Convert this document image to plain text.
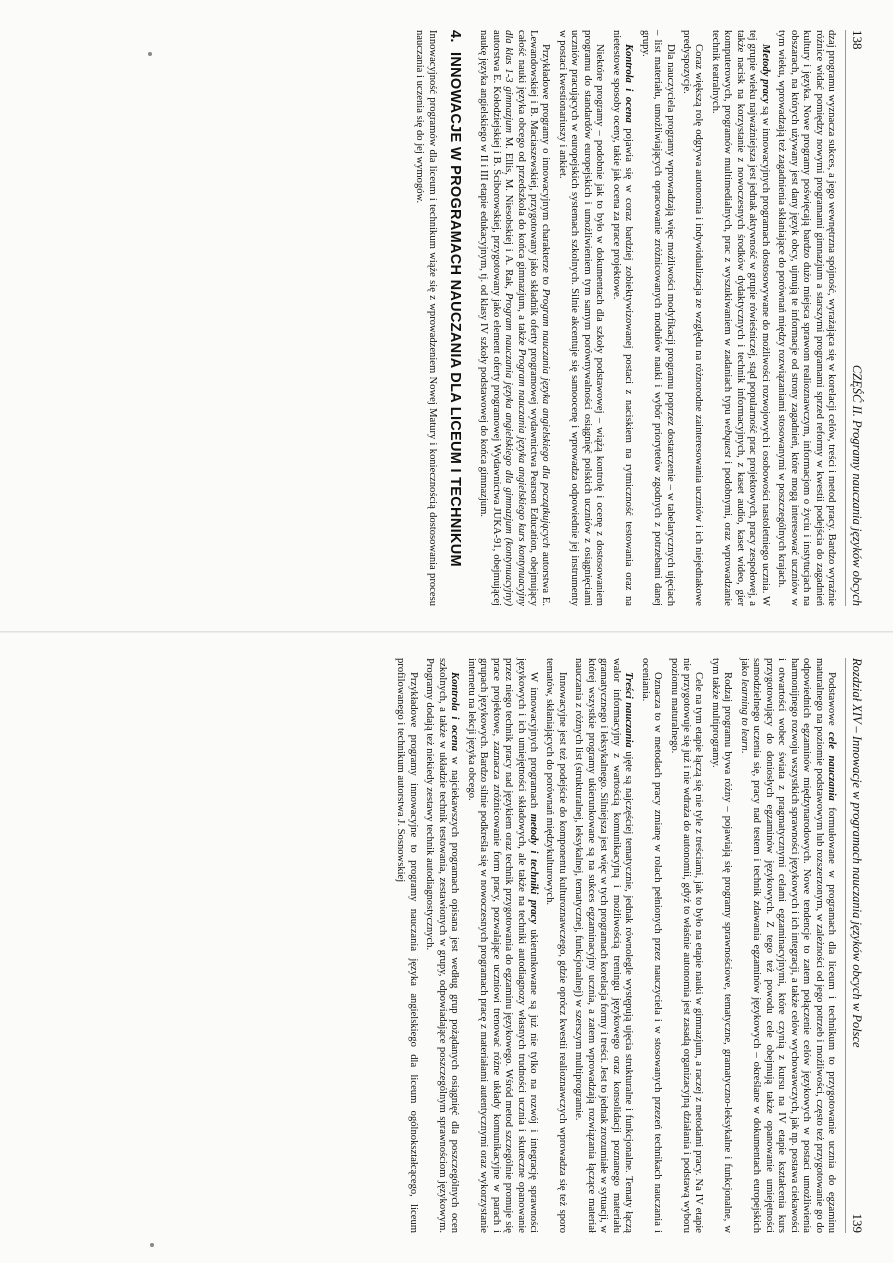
138
CZĘŚĆ II. Programy nauczania języków obcych

dzaj programu wyznacza sukces, a jego wewnętrzna spójność, wyrażająca się w korelacji celów, treści i metod pracy. Bardzo wyraźnie różnice widać pomiędzy nowymi programami gimnazjum a starszymi programami sprzed reformy w kwestii podejścia do zagadnień kultury i języka. Nowe programy poświęcają bardzo dużo miejsca sprawom realioznawczym, informacjom o życiu i instytucjach na obszarach, na których używany jest dany język obcy, ujmują te informacje od strony zagadnień, które mogą interesować uczniów w tym wieku, wprowadzają też zagadnienia skłaniające do porównań między rozwiązaniami stosowanymi w poszczególnych krajach.

Metody pracy są w innowacyjnych programach dostosowywane do możliwości rozwojowych i osobowości nastoletniego ucznia. W tej grupie wieku najważniejsza jest jednak aktywność w grupie rówieśniczej, stąd popularność prac projektowych, pracy zespołowej, a także nacisk na korzystanie z nowoczesnych środków dydaktycznych i technik informacyjnych, z kaset audio, kaset wideo, gier komputerowych, programów multimedialnych, prac z wyszukiwaniem w zadaniach typu webquest i podobnymi, oraz wprowadzanie technik teatralnych.

Coraz większą rolę odgrywa autonomia i indywidualizacja ze względu na różnorodne zainteresowania uczniów i ich niejednakowe predyspozycje.

Dla nauczyciela programy wprowadzają więc możliwości modyfikacji programu poprzez dostarczenie – w tabelarycznych ujęciach – list materiału, umożliwiających opracowanie zróżnicowanych modułów nauki i wybór priorytetów zgodnych z potrzebami danej grupy.

Kontrola i ocena pojawia się w coraz bardziej zobiektywizowanej postaci z naciskiem na rytmiczność testowania oraz na nietestowe sposoby oceny, takie jak ocena za prace projektowe.

Niektóre programy – podobnie jak to było w dokumentach dla szkoły podstawowej – wiążą kontrolę i ocenę z dostosowaniem programu do standardów europejskich i umożliwieniem tym samym porównywalności osiągnięć polskich uczniów z osiągnięciami uczniów pracujących w europejskich systemach szkolnych. Silnie akcentuje się samoocenę i wprowadza odpowiednie jej instrumenty w postaci kwestionariuszy i ankiet.

Przykładowe programy o innowacyjnym charakterze to Program nauczania języka angielskiego dla początkujących autorstwa E. Lewandowskiej i B. Maciaszewskiej, przygotowany jako składnik oferty programowej wydawnictwa Pearson Education, obejmujący całość nauki języka obcego od przedszkola do końca gimnazjum, a także Program nauczania języka angielskiego kurs kontynuacyjny dla klas 1-3 gimnazjum M. Ellis, M. Niesobskiej i A. Rak, Program nauczania języka angielskiego dla gimnazjum (kontynuacyjny) autorstwa E. Kołodziejskiej i B. Ściborowskiej, przygotowany jako element oferty programowej Wydawnictwa JUKA-91, obejmującej naukę języka angielskiego w II i III etapie edukacyjnym, tj. od klasy IV szkoły podstawowej do końca gimnazjum.

4.INNOWACJE W PROGRAMACH NAUCZANIA DLA LICEUM I TECHNIKUM

Innowacyjność programów dla liceum i technikum wiąże się z wprowadzeniem Nowej Matury i koniecznością dostosowania procesu nauczania i uczenia się do jej wymogów.

Rozdział XIV – Innowacje w programach nauczania języków obcych w Polsce
139

Podstawowe cele nauczania formułowane w programach dla liceum i technikum to przygotowanie ucznia do egzaminu maturalnego na poziomie podstawowym lub rozszerzonym, w zależności od jego potrzeb i możliwości, często też przygotowanie go do odpowiednich egzaminów międzynarodowych. Nowe tendencje to zatem połączenie celów językowych w postaci umożliwienia harmonijnego rozwoju wszystkich sprawności językowych i ich integracji, a także celów wychowawczych, jak np. postawa ciekawości i otwartości wobec świata z pragmatycznymi celami egzaminacyjnymi, które czynią z kursu na IV etapie kształcenia kurs przygotowujący do doniosłych egzaminów językowych. Z tego też powodu cele obejmują także opanowanie umiejętności samodzielnego uczenia się, pracy nad testem i technik zdawania egzaminów językowych – określane w dokumentach europejskich jako learning to learn.

Rodzaj programu bywa różny – pojawiają się programy sprawnościowe, tematyczne, gramatyczno-leksykalne i funkcjonalne, w tym także multiprogramy.

Cele na tym etapie łączą się nie tyle z treściami, jak to było na etapie nauki w gimnazjum, a raczej z metodami pracy. Na IV etapie nie przygotowuje się już i nie wdraża do autonomii, gdyż to właśnie autonomia jest zasadą organizacyjną działania i podstawą wyboru poziomu maturalnego.

Oznacza to w metodach pracy zmianę w rolach pełnionych przez nauczyciela i w stosowanych przezeń technikach nauczania i oceniania.

Treści nauczania ujęte są najczęściej tematycznie, jednak równolegle występują ujęcia strukturalne i funkcjonalne. Tematy łączą walor informacyjny z wartością komunikacyjną i możliwością treningu językowego oraz konsolidacji poznanego materiału gramatycznego i leksykalnego. Silniejsza jest więc w tych programach korelacja formy i treści. Jest to jednak zrozumiałe w sytuacji, w której wszystkie programy ukierunkowane są na sukces egzaminacyjny ucznia, a zatem wprowadzają rozwiązania łączące materiał nauczania z różnych list (strukturalnej, leksykalnej, tematycznej, funkcjonalnej) w szerszym multiprogramie.

Innowacyjne jest też podejście do komponentu kulturoznawczego, gdzie oprócz kwestii realioznawczych wprowadza się też sporo tematów, skłaniających do porównań międzykulturowych.

W innowacyjnych programach metody i techniki pracy ukierunkowane są już nie tylko na rozwój i integrację sprawności językowych i ich umiejętności składowych, ale także na techniki autodiagnozy własnych trudności ucznia i skuteczne opanowanie przez niego technik pracy nad językiem oraz technik przygotowania do egzaminu językowego. Wśród metod szczególnie promuje się prace projektowe, zaznacza zróżnicowanie form pracy, pozwalające uczniowi trenować różne układy komunikacyjne w parach i grupach językowych. Bardzo silnie podkreśla się w nowoczesnych programach pracę z materiałami autentycznymi oraz wykorzystanie internetu na lekcji języka obcego.

Kontrola i ocena w najciekawszych programach opisana jest według grup pożądanych osiągnięć dla poszczególnych ocen szkolnych, a także w układzie technik testowania, zestawionych w grupy, odpowiadające poszczególnym sprawnościom językowym. Programy dodają też niekiedy zestawy technik autodiagnostycznych.

Przykładowe programy innowacyjne to programy nauczania języka angielskiego dla liceum ogólnokształcącego, liceum profilowanego i technikum autorstwa J. Sosnowskiej
